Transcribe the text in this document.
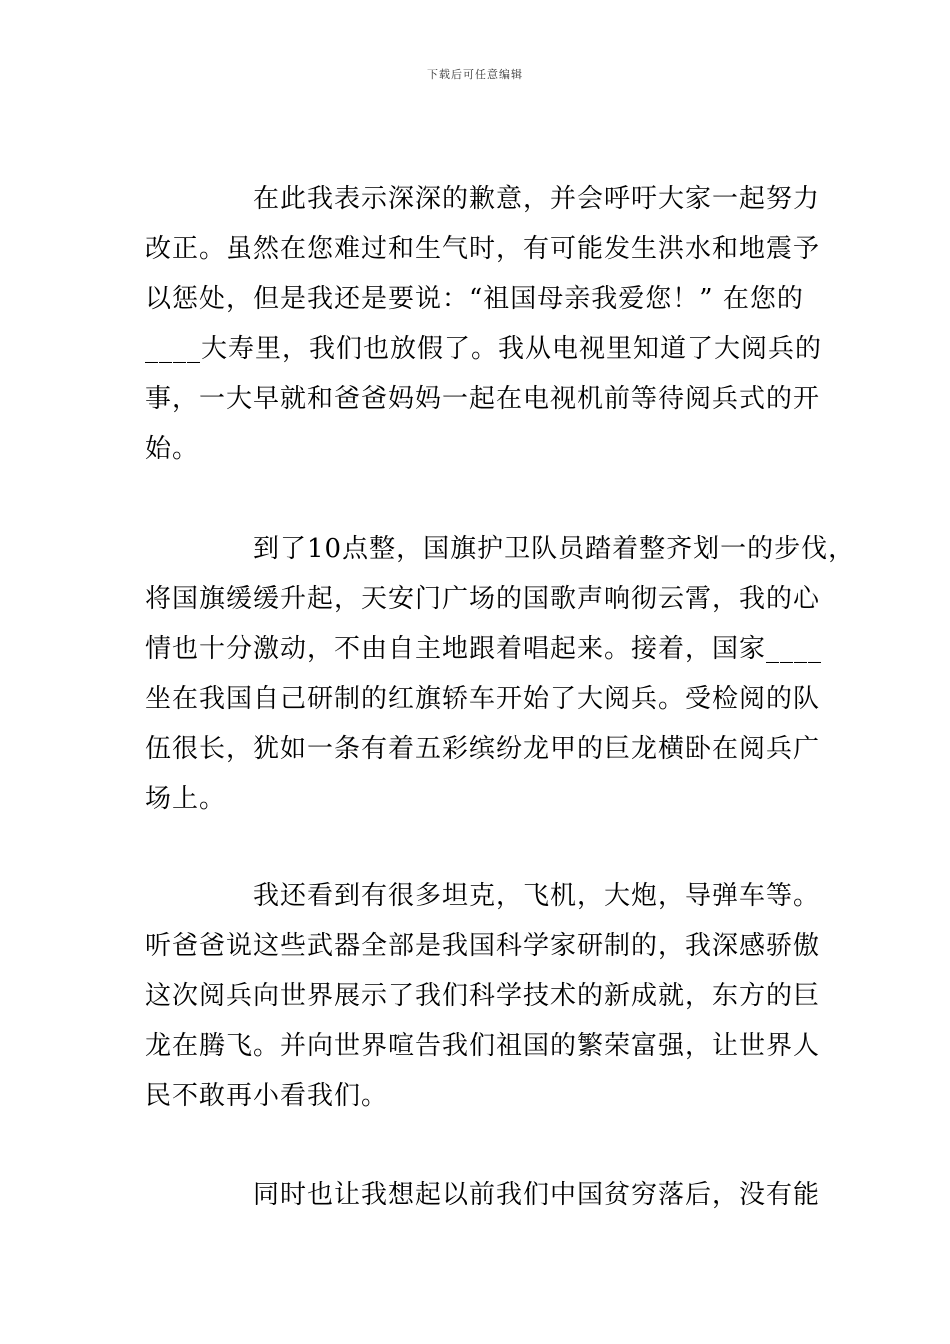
下载后可任意编辑
在此我表示深深的歉意，并会呼吁大家一起努力
改正。虽然在您难过和生气时，有可能发生洪水和地震予
以惩处，但是我还是要说：“祖国母亲我爱您！” 在您的
____大寿里，我们也放假了。我从电视里知道了大阅兵的
事，一大早就和爸爸妈妈一起在电视机前等待阅兵式的开
始。
到了10点整，国旗护卫队员踏着整齐划一的步伐，
将国旗缓缓升起，天安门广场的国歌声响彻云霄，我的心
情也十分激动，不由自主地跟着唱起来。接着，国家____
坐在我国自己研制的红旗轿车开始了大阅兵。受检阅的队
伍很长，犹如一条有着五彩缤纷龙甲的巨龙横卧在阅兵广
场上。
我还看到有很多坦克，飞机，大炮，导弹车等。
听爸爸说这些武器全部是我国科学家研制的，我深感骄傲
这次阅兵向世界展示了我们科学技术的新成就，东方的巨
龙在腾飞。并向世界喧告我们祖国的繁荣富强，让世界人
民不敢再小看我们。
同时也让我想起以前我们中国贫穷落后，没有能
